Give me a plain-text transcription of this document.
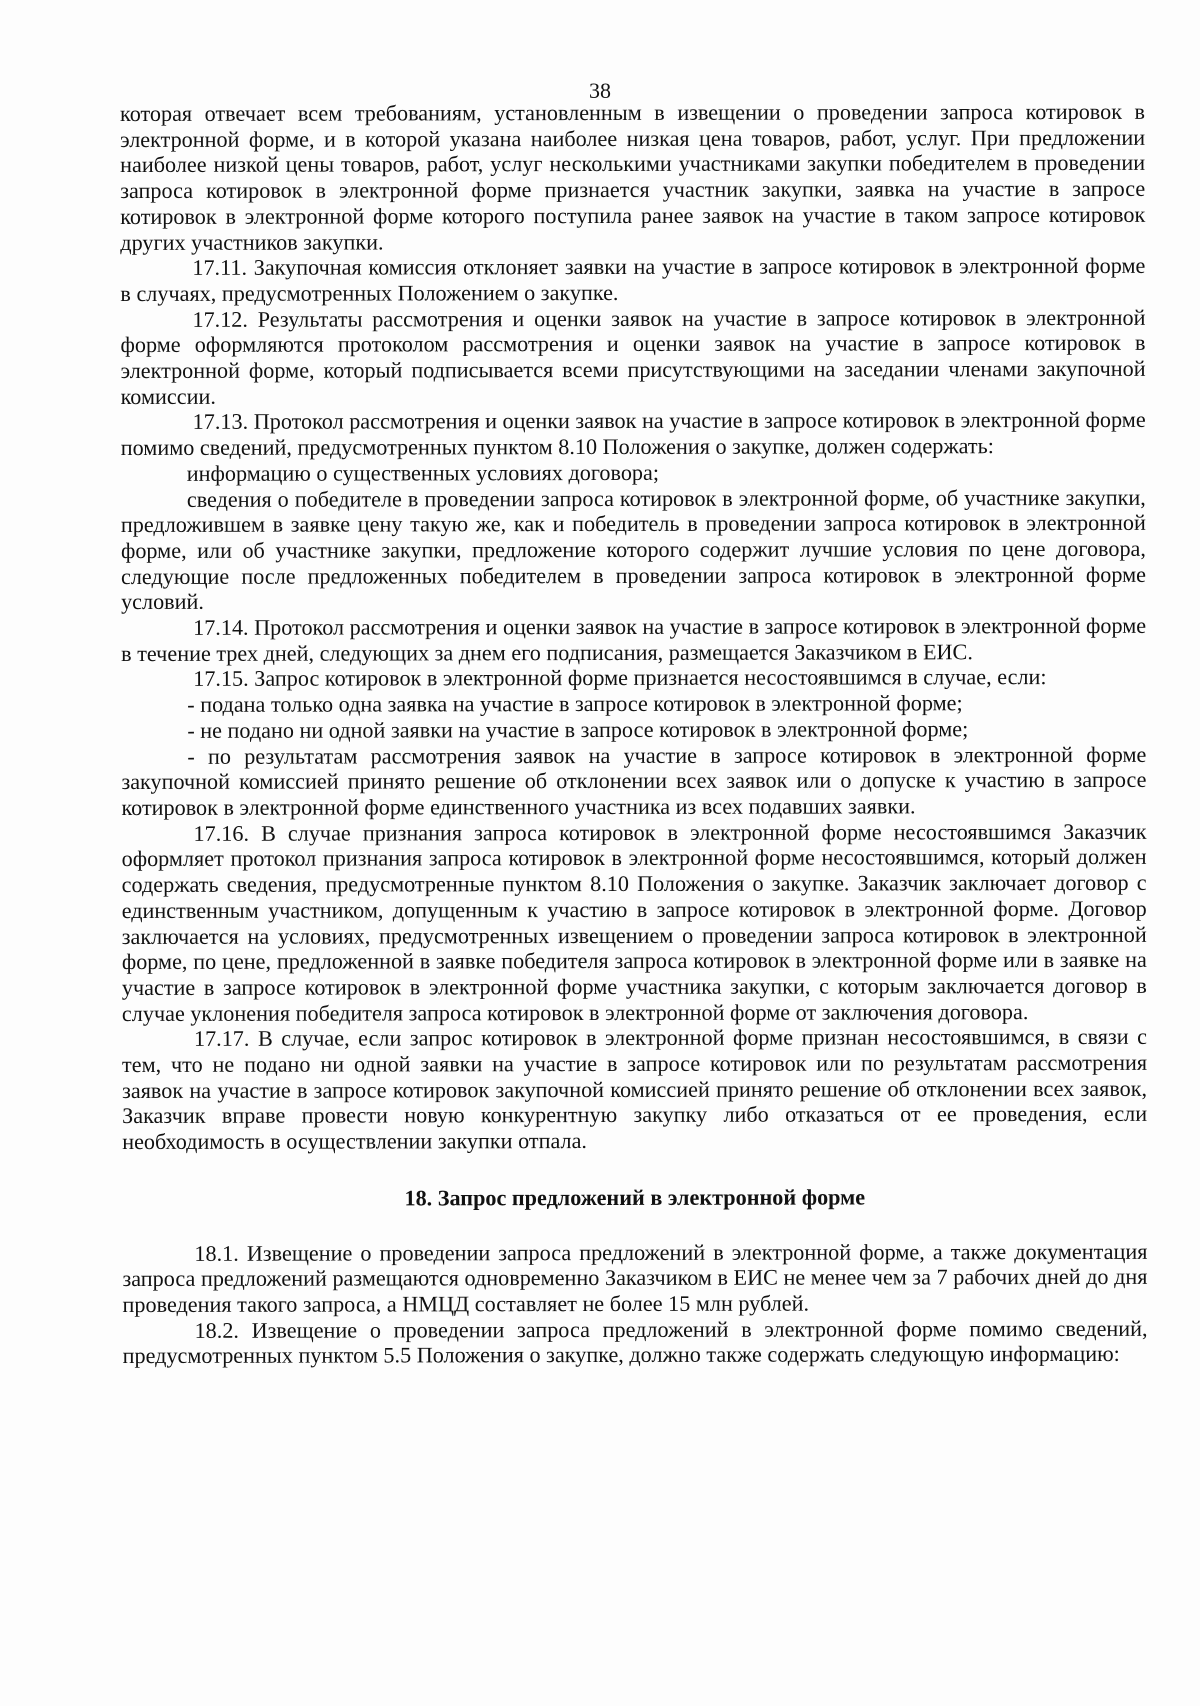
38

которая отвечает всем требованиям, установленным в извещении о проведении запроса котировок в электронной форме, и в которой указана наиболее низкая цена товаров, работ, услуг. При предложении наиболее низкой цены товаров, работ, услуг несколькими участниками закупки победителем в проведении запроса котировок в электронной форме признается участник закупки, заявка на участие в запросе котировок в электронной форме которого поступила ранее заявок на участие в таком запросе котировок других участников закупки.

17.11. Закупочная комиссия отклоняет заявки на участие в запросе котировок в электронной форме в случаях, предусмотренных Положением о закупке.

17.12. Результаты рассмотрения и оценки заявок на участие в запросе котировок в электронной форме оформляются протоколом рассмотрения и оценки заявок на участие в запросе котировок в электронной форме, который подписывается всеми присутствующими на заседании членами закупочной комиссии.

17.13. Протокол рассмотрения и оценки заявок на участие в запросе котировок в электронной форме помимо сведений, предусмотренных пунктом 8.10 Положения о закупке, должен содержать:

информацию о существенных условиях договора;

сведения о победителе в проведении запроса котировок в электронной форме, об участнике закупки, предложившем в заявке цену такую же, как и победитель в проведении запроса котировок в электронной форме, или об участнике закупки, предложение которого содержит лучшие условия по цене договора, следующие после предложенных победителем в проведении запроса котировок в электронной форме условий.

17.14. Протокол рассмотрения и оценки заявок на участие в запросе котировок в электронной форме в течение трех дней, следующих за днем его подписания, размещается Заказчиком в ЕИС.

17.15. Запрос котировок в электронной форме признается несостоявшимся в случае, если:

- подана только одна заявка на участие в запросе котировок в электронной форме;

- не подано ни одной заявки на участие в запросе котировок в электронной форме;

- по результатам рассмотрения заявок на участие в запросе котировок в электронной форме закупочной комиссией принято решение об отклонении всех заявок или о допуске к участию в запросе котировок в электронной форме единственного участника из всех подавших заявки.

17.16. В случае признания запроса котировок в электронной форме несостоявшимся Заказчик оформляет протокол признания запроса котировок в электронной форме несостоявшимся, который должен содержать сведения, предусмотренные пунктом 8.10 Положения о закупке. Заказчик заключает договор с единственным участником, допущенным к участию в запросе котировок в электронной форме. Договор заключается на условиях, предусмотренных извещением о проведении запроса котировок в электронной форме, по цене, предложенной в заявке победителя запроса котировок в электронной форме или в заявке на участие в запросе котировок в электронной форме участника закупки, с которым заключается договор в случае уклонения победителя запроса котировок в электронной форме от заключения договора.

17.17. В случае, если запрос котировок в электронной форме признан несостоявшимся, в связи с тем, что не подано ни одной заявки на участие в запросе котировок или по результатам рассмотрения заявок на участие в запросе котировок закупочной комиссией принято решение об отклонении всех заявок, Заказчик вправе провести новую конкурентную закупку либо отказаться от ее проведения, если необходимость в осуществлении закупки отпала.

18. Запрос предложений в электронной форме

18.1. Извещение о проведении запроса предложений в электронной форме, а также документация запроса предложений размещаются одновременно Заказчиком в ЕИС не менее чем за 7 рабочих дней до дня проведения такого запроса, а НМЦД составляет не более 15 млн рублей.

18.2. Извещение о проведении запроса предложений в электронной форме помимо сведений, предусмотренных пунктом 5.5 Положения о закупке, должно также содержать следующую информацию:
